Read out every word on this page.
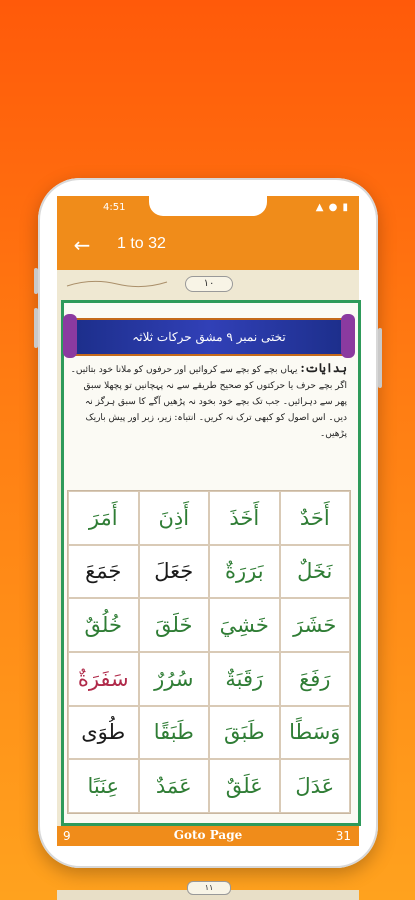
4:51	▲ ● ▮
← 1 to 32
١٠
تختی نمبر ۹ مشق حرکات ثلاثہ
ہدایات: یہاں بچے کو بچے سے کروائیں اور حرفوں کو ملانا خود بتائیں۔ اگر بچے حرف یا حرکتوں کو صحیح طریقے سے نہ پہچانیں تو پچھلا سبق پھر سے دہرائیں۔ جب تک بچے خود بخود نہ پڑھیں آگے کا سبق ہرگز نہ دیں۔ اس اصول کو کبھی ترک نہ کریں۔ انتباہ: زیر، زبر اور پیش باریک پڑھیں۔
أَمَرَ	أَذِنَ	أَخَذَ	أَحَدٌ
جَمَعَ	جَعَلَ	بَرَرَةٌ	نَخَلٌ
خُلُقٌ	خَلَقَ	خَشِيَ	حَشَرَ
سَفَرَةٌ	سُرُرٌ	رَقَبَةٌ	رَفَعَ
طُوَى	طَبَقًا	طَبَقَ	وَسَطًا
عِنَبًا	عَمَدٌ	عَلَقٌ	عَدَلَ
١١
9	Goto Page	31
